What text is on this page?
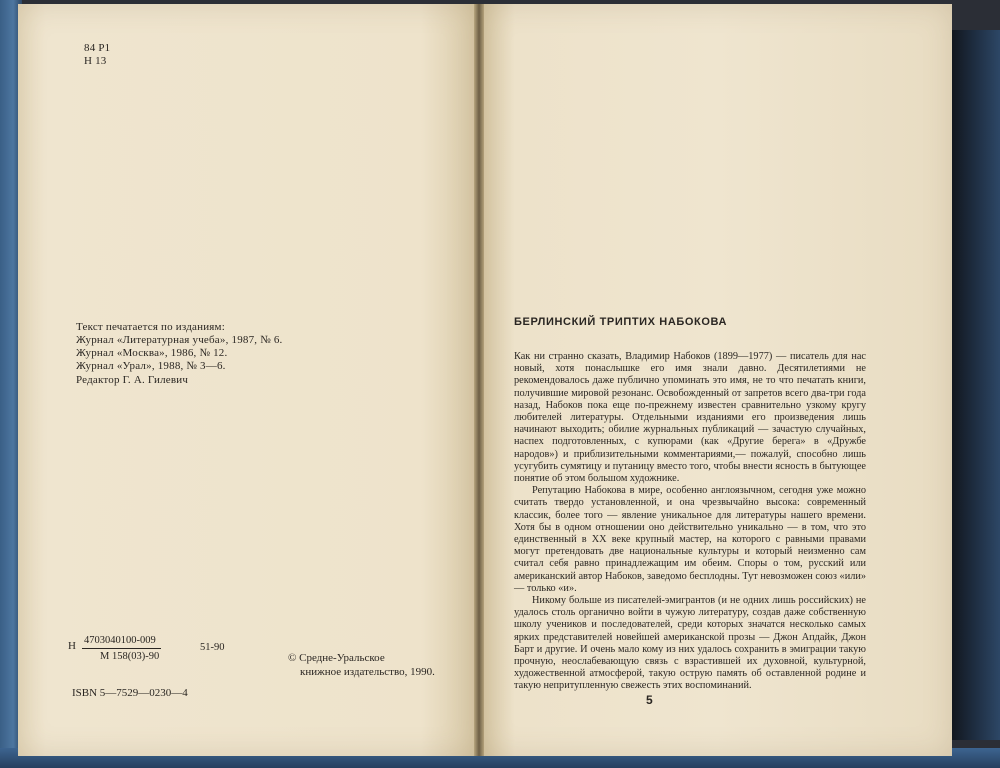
84 Р1
Н 13
Текст печатается по изданиям:
Журнал «Литературная учеба», 1987, № 6.
Журнал «Москва», 1986, № 12.
Журнал «Урал», 1988, № 3—6.
Редактор Г. А. Гилевич
Н 4703040100-009
М 158(03)-90
51-90
ISBN 5—7529—0230—4
© Средне-Уральское
книжное издательство, 1990.
БЕРЛИНСКИЙ ТРИПТИХ НАБОКОВА

Как ни странно сказать, Владимир Набоков (1899—1977) — писатель для нас новый, хотя понаслышке его имя знали давно. Десятилетиями не рекомендовалось даже публично упоминать это имя, не то что печатать книги, получившие мировой резонанс. Освобожденный от запретов всего два-три года назад, Набоков пока еще по-прежнему известен сравнительно узкому кругу любителей литературы. Отдельными изданиями его произведения лишь начинают выходить; обилие журнальных публикаций — зачастую случайных, наспех подготовленных, с купюрами (как «Другие берега» в «Дружбе народов») и приблизительными комментариями,— пожалуй, способно лишь усугубить сумятицу и путаницу вместо того, чтобы внести ясность в бытующее понятие об этом большом художнике.

Репутацию Набокова в мире, особенно англоязычном, сегодня уже можно считать твердо установленной, и она чрезвычайно высока: современный классик, более того — явление уникальное для литературы нашего времени. Хотя бы в одном отношении оно действительно уникально — в том, что это единственный в XX веке крупный мастер, на которого с равными правами могут претендовать две национальные культуры и который неизменно сам считал себя равно принадлежащим им обеим. Споры о том, русский или американский автор Набоков, заведомо бесплодны. Тут невозможен союз «или» — только «и».

Никому больше из писателей-эмигрантов (и не одних лишь российских) не удалось столь органично войти в чужую литературу, создав даже собственную школу учеников и последователей, среди которых значатся несколько самых ярких представителей новейшей американской прозы — Джон Апдайк, Джон Барт и другие. И очень мало кому из них удалось сохранить в эмиграции такую прочную, неослабевающую связь с взрастившей их духовной, культурной, художественной атмосферой, такую острую память об оставленной родине и такую непритупленную свежесть этих воспоминаний.

5
